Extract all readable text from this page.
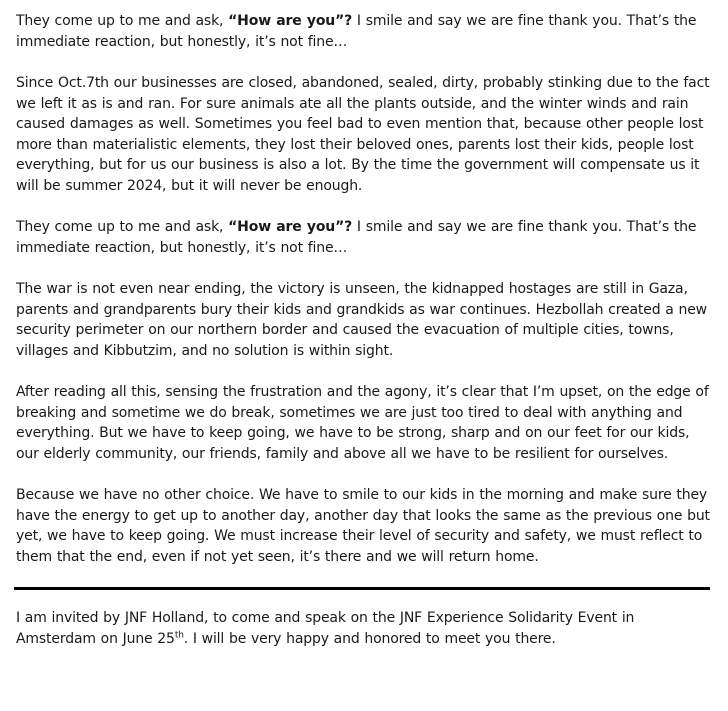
They come up to me and ask, “How are you”? I smile and say we are fine thank you. That’s the immediate reaction, but honestly, it’s not fine…

Since Oct.7th our businesses are closed, abandoned, sealed, dirty, probably stinking due to the fact we left it as is and ran. For sure animals ate all the plants outside, and the winter winds and rain caused damages as well. Sometimes you feel bad to even mention that, because other people lost more than materialistic elements, they lost their beloved ones, parents lost their kids, people lost everything, but for us our business is also a lot. By the time the government will compensate us it will be summer 2024, but it will never be enough.

They come up to me and ask, “How are you”? I smile and say we are fine thank you. That’s the immediate reaction, but honestly, it’s not fine…

The war is not even near ending, the victory is unseen, the kidnapped hostages are still in Gaza, parents and grandparents bury their kids and grandkids as war continues. Hezbollah created a new security perimeter on our northern border and caused the evacuation of multiple cities, towns, villages and Kibbutzim, and no solution is within sight.

After reading all this, sensing the frustration and the agony, it’s clear that I’m upset, on the edge of breaking and sometime we do break, sometimes we are just too tired to deal with anything and everything. But we have to keep going, we have to be strong, sharp and on our feet for our kids, our elderly community, our friends, family and above all we have to be resilient for ourselves.

Because we have no other choice. We have to smile to our kids in the morning and make sure they have the energy to get up to another day, another day that looks the same as the previous one but yet, we have to keep going. We must increase their level of security and safety, we must reflect to them that the end, even if not yet seen, it’s there and we will return home.

I am invited by JNF Holland, to come and speak on the JNF Experience Solidarity Event in Amsterdam on June 25th. I will be very happy and honored to meet you there.
